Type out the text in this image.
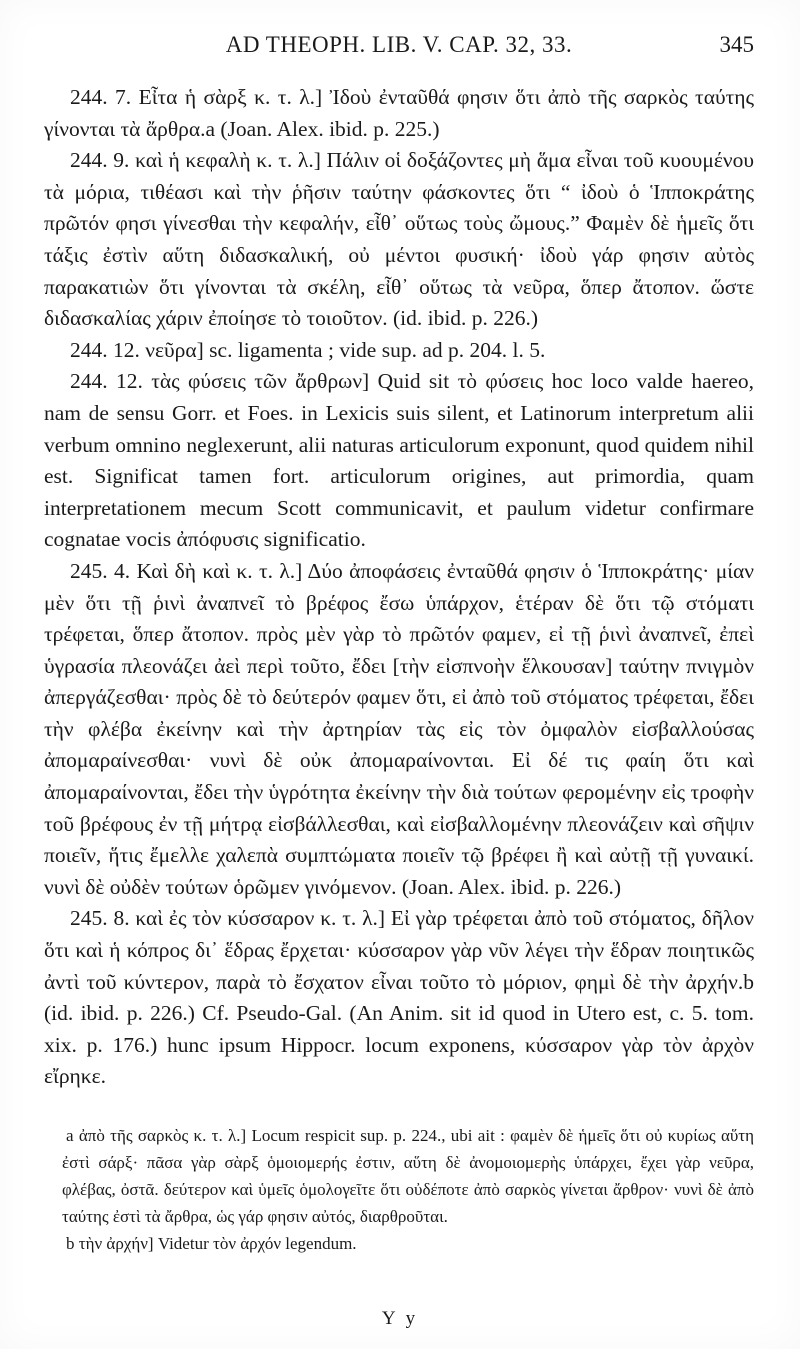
AD THEOPH. LIB. V. CAP. 32, 33.	345

244. 7. Εἶτα ἡ σὰρξ κ. τ. λ.] Ἰδοὺ ἐνταῦθά φησιν ὅτι ἀπὸ τῆς σαρκὸς ταύτης γίνονται τὰ ἄρθρα.a (Joan. Alex. ibid. p. 225.)

244. 9. καὶ ἡ κεφαλὴ κ. τ. λ.] Πάλιν οἱ δοξάζοντες μὴ ἅμα εἶναι τοῦ κυουμένου τὰ μόρια, τιθέασι καὶ τὴν ῥῆσιν ταύτην φάσκοντες ὅτι “ ἰδοὺ ὁ Ἱπποκράτης πρῶτόν φησι γίνεσθαι τὴν κεφαλήν, εἶθ᾽ οὕτως τοὺς ὤμους.” Φαμὲν δὲ ἡμεῖς ὅτι τάξις ἐστὶν αὕτη διδασκαλική, οὐ μέντοι φυσική· ἰδοὺ γάρ φησιν αὐτὸς παρακατιὼν ὅτι γίνονται τὰ σκέλη, εἶθ᾽ οὕτως τὰ νεῦρα, ὅπερ ἄτοπον. ὥστε διδασκαλίας χάριν ἐποίησε τὸ τοιοῦτον. (id. ibid. p. 226.)

244. 12. νεῦρα] sc. ligamenta ; vide sup. ad p. 204. l. 5.

244. 12. τὰς φύσεις τῶν ἄρθρων] Quid sit τὸ φύσεις hoc loco valde haereo, nam de sensu Gorr. et Foes. in Lexicis suis silent, et Latinorum interpretum alii verbum omnino neglexerunt, alii naturas articulorum exponunt, quod quidem nihil est. Significat tamen fort. articulorum origines, aut primordia, quam interpretationem mecum Scott communicavit, et paulum videtur confirmare cognatae vocis ἀπόφυσις significatio.

245. 4. Καὶ δὴ καὶ κ. τ. λ.] Δύο ἀποφάσεις ἐνταῦθά φησιν ὁ Ἱπποκράτης· μίαν μὲν ὅτι τῇ ῥινὶ ἀναπνεῖ τὸ βρέφος ἔσω ὑπάρχον, ἑτέραν δὲ ὅτι τῷ στόματι τρέφεται, ὅπερ ἄτοπον. πρὸς μὲν γὰρ τὸ πρῶτόν φαμεν, εἰ τῇ ῥινὶ ἀναπνεῖ, ἐπεὶ ὑγρασία πλεονάζει ἀεὶ περὶ τοῦτο, ἔδει [τὴν εἰσπνοὴν ἕλκουσαν] ταύτην πνιγμὸν ἀπεργάζεσθαι· πρὸς δὲ τὸ δεύτερόν φαμεν ὅτι, εἰ ἀπὸ τοῦ στόματος τρέφεται, ἔδει τὴν φλέβα ἐκείνην καὶ τὴν ἀρτηρίαν τὰς εἰς τὸν ὀμφαλὸν εἰσβαλλούσας ἀπομαραίνεσθαι· νυνὶ δὲ οὐκ ἀπομαραίνονται. Εἰ δέ τις φαίη ὅτι καὶ ἀπομαραίνονται, ἔδει τὴν ὑγρότητα ἐκείνην τὴν διὰ τούτων φερομένην εἰς τροφὴν τοῦ βρέφους ἐν τῇ μήτρᾳ εἰσβάλλεσθαι, καὶ εἰσβαλλομένην πλεονάζειν καὶ σῆψιν ποιεῖν, ἥτις ἔμελλε χαλεπὰ συμπτώματα ποιεῖν τῷ βρέφει ἢ καὶ αὐτῇ τῇ γυναικί. νυνὶ δὲ οὐδὲν τούτων ὁρῶμεν γινόμενον. (Joan. Alex. ibid. p. 226.)

245. 8. καὶ ἐς τὸν κύσσαρον κ. τ. λ.] Εἰ γὰρ τρέφεται ἀπὸ τοῦ στόματος, δῆλον ὅτι καὶ ἡ κόπρος δι᾽ ἕδρας ἔρχεται· κύσσαρον γὰρ νῦν λέγει τὴν ἕδραν ποιητικῶς ἀντὶ τοῦ κύντερον, παρὰ τὸ ἔσχατον εἶναι τοῦτο τὸ μόριον, φημὶ δὲ τὴν ἀρχήν.b (id. ibid. p. 226.) Cf. Pseudo-Gal. (An Anim. sit id quod in Utero est, c. 5. tom. xix. p. 176.) hunc ipsum Hippocr. locum exponens, κύσσαρον γὰρ τὸν ἀρχὸν εἴρηκε.

a ἀπὸ τῆς σαρκὸς κ. τ. λ.] Locum respicit sup. p. 224., ubi ait : φαμὲν δὲ ἡμεῖς ὅτι οὐ κυρίως αὕτη ἐστὶ σάρξ· πᾶσα γὰρ σὰρξ ὁμοιομερής ἐστιν, αὕτη δὲ ἀνομοιομερὴς ὑπάρχει, ἔχει γὰρ νεῦρα, φλέβας, ὀστᾶ. δεύτερον καὶ ὑμεῖς ὁμολογεῖτε ὅτι οὐδέποτε ἀπὸ σαρκὸς γίνεται ἄρθρον· νυνὶ δὲ ἀπὸ ταύτης ἐστὶ τὰ ἄρθρα, ὡς γάρ φησιν αὐτός, διαρθροῦται.

b τὴν ἀρχήν] Videtur τὸν ἀρχόν legendum.

Y y
